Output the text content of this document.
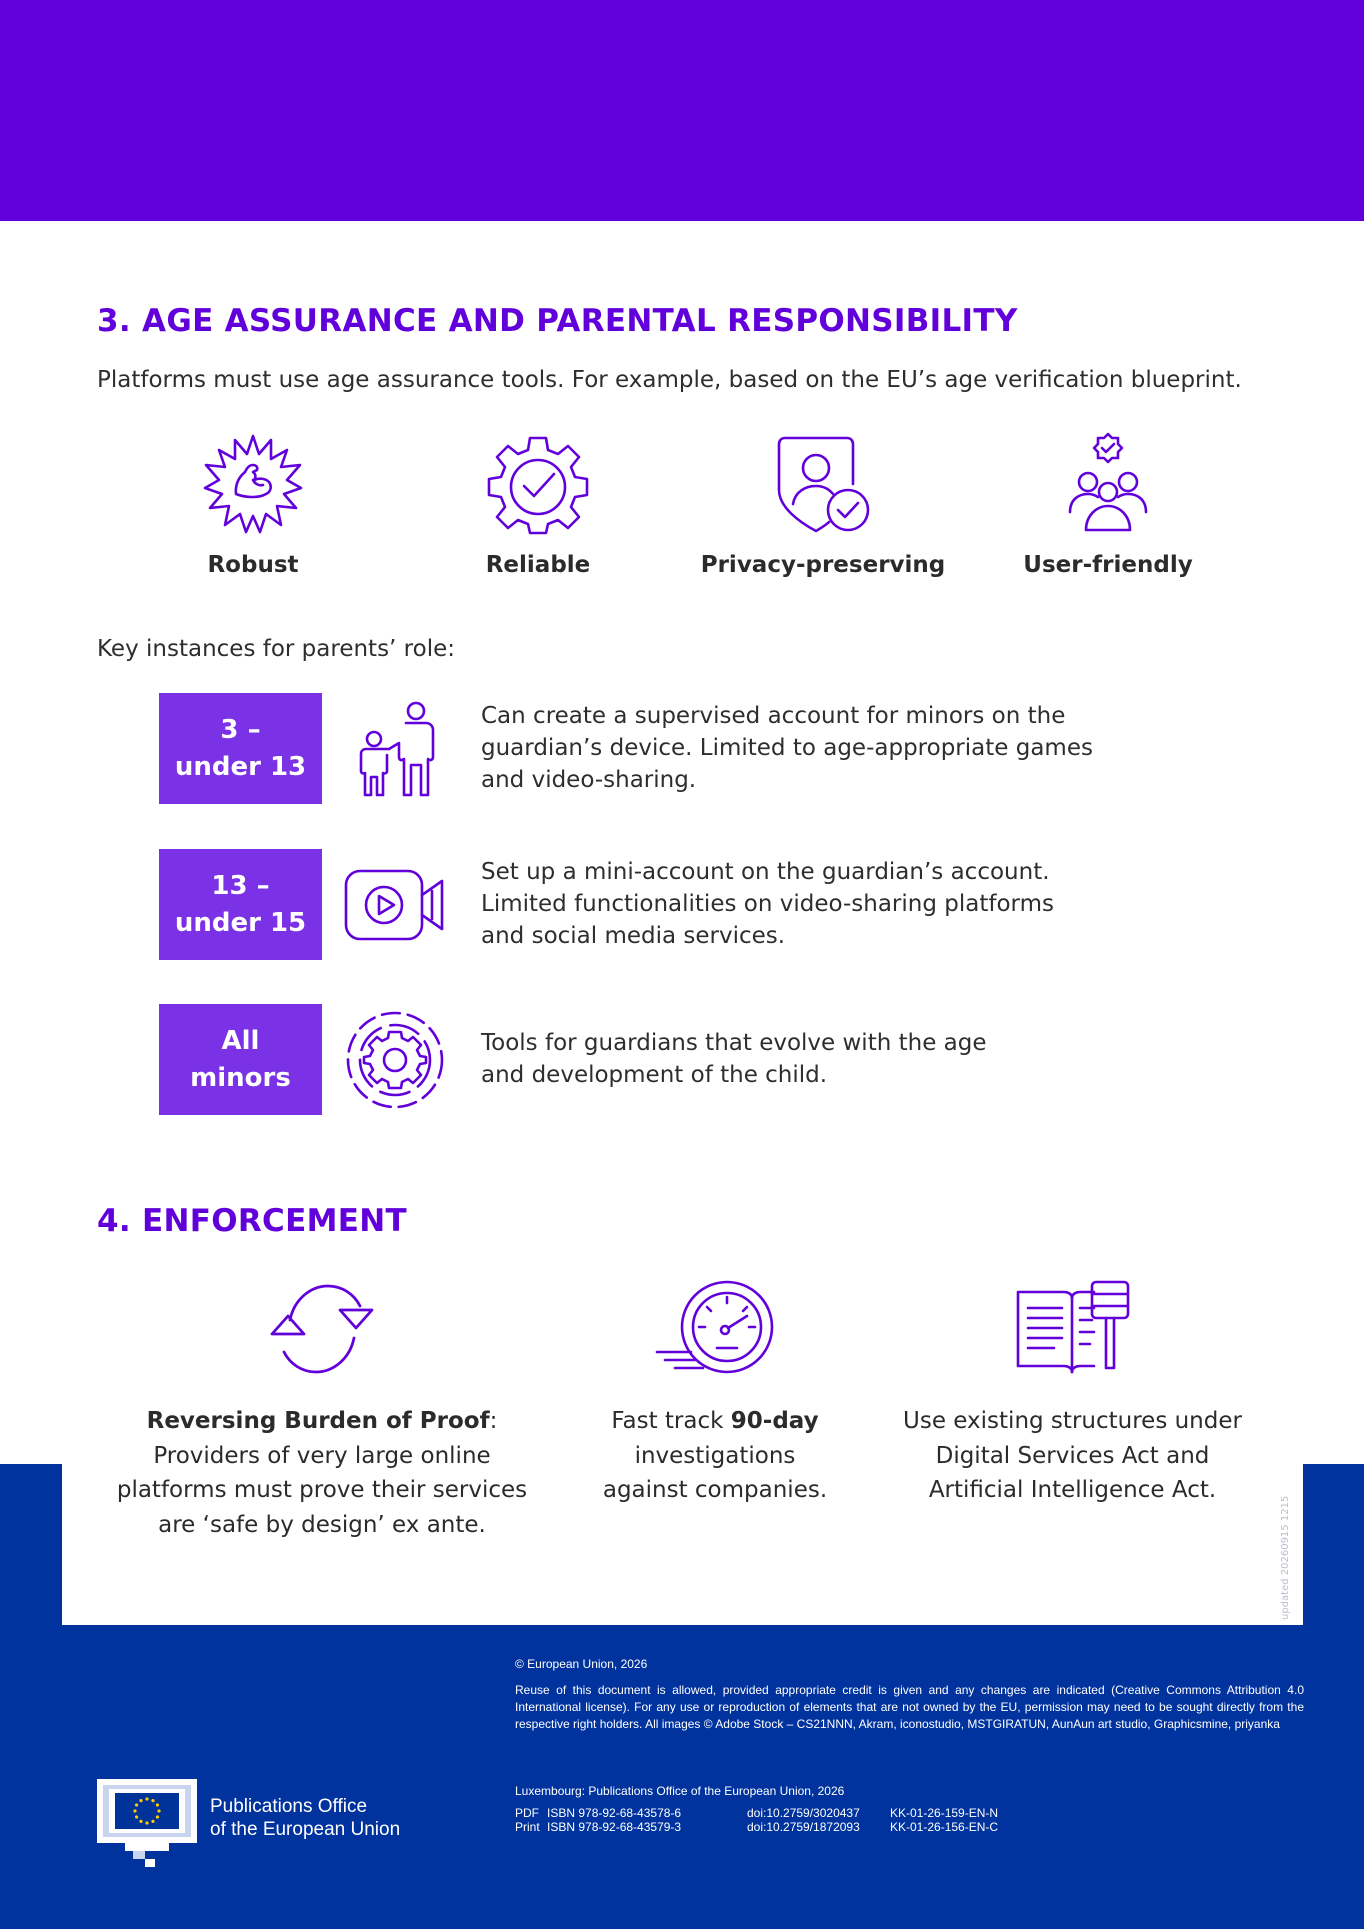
3. AGE ASSURANCE AND PARENTAL RESPONSIBILITY

Platforms must use age assurance tools. For example, based on the EU’s age verification blueprint.

Robust	Reliable	Privacy-preserving	User-friendly

Key instances for parents’ role:

3 –
under 13
Can create a supervised account for minors on the
guardian’s device. Limited to age-appropriate games
and video-sharing.
13 –
under 15
Set up a mini-account on the guardian’s account.
Limited functionalities on video-sharing platforms
and social media services.
All
minors
Tools for guardians that evolve with the age
and development of the child.
4. ENFORCEMENT
Reversing Burden of Proof:
Providers of very large online
platforms must prove their services
are ‘safe by design’ ex ante.
Fast track 90-day
investigations
against companies.
Use existing structures under
Digital Services Act and
Artificial Intelligence Act.
updated 20260915 1215
© European Union, 2026
Reuse of this document is allowed, provided appropriate credit is given and any changes are indicated (Creative Commons Attribution 4.0 International license). For any use or reproduction of elements that are not owned by the EU, permission may need to be sought directly from the respective right holders. All images © Adobe Stock – CS21NNN, Akram, iconostudio, MSTGIRATUN, AunAun art studio, Graphicsmine, priyanka
Luxembourg: Publications Office of the European Union, 2026
PDF ISBN 978-92-68-43578-6	doi:10.2759/3020437	KK-01-26-159-EN-N
Print ISBN 978-92-68-43579-3	doi:10.2759/1872093	KK-01-26-156-EN-C
Publications Office
of the European Union
